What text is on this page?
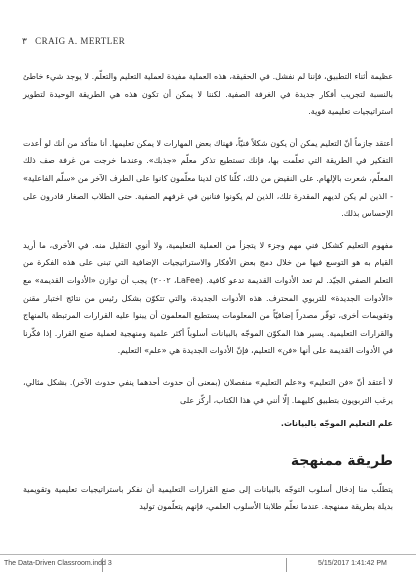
٣ CRAIG A. MERTLER

عظيمة أثناء التطبيق، فإننا لم نفشل. في الحقيقة، هذه العملية مفيدة لعملية التعليم والتعلّم. لا يوجد شيء خاطئ بالنسبة لتجريب أفكار جديدة في الغرفة الصفية. لكننا لا يمكن أن تكون هذه هي الطريقة الوحيدة لتطوير استراتيجيات تعليمية قوية.

أعتقد جازماً أنّ التعليم يمكن أن يكون شكلاً فنيّاً، فهناك بعض المهارات لا يمكن تعليمها. أنا متأكد من أنك لو أعدت التفكير في الطريقة التي تعلّمت بها، فإنك تستطيع تذكر معلّم «جذبك». وعندما خرجت من غرفة صف ذلك المعلّم، شعرت بالإلهام. على النقيض من ذلك، كلّنا كان لدينا معلّمون كانوا على الطرف الآخر من «سلّم الفاعلية» - الذين لم يكن لديهم المقدرة تلك، الذين لم يكونوا فنانين في غرفهم الصفية. حتى الطلاب الصغار قادرون على الإحساس بذلك.

مفهوم التعليم كشكل فني مهم وجزء لا يتجزأ من العملية التعليمية، ولا أنوي التقليل منه. في الأخرى، ما أريد القيام به هو التوسع فيها من خلال دمج بعض الأفكار والاستراتيجيات الإضافية التي تبنى على هذه الفكرة من التعلم الصفي الجيّد. لم تعد الأدوات القديمة تدعو كافية. (LaFee، ٢٠٠٢) يجب أن توازن «الأدوات القديمة» مع «الأدوات الجديدة» للتربوي المحترف. هذه الأدوات الجديدة، والتي تتكوّن بشكل رئيس من نتائج اختبار مقنن وتقويمات أخرى، توفّر مصدراً إضافيّاً من المعلومات يستطيع المعلمون أن يبنوا عليه القرارات المرتبطة بالمنهاج والقرارات التعليمية. يسير هذا المكوّن الموجّه بالبيانات أسلوباً أكثر علمية ومنهجية لعملية صنع القرار. إذا فكّرنا في الأدوات القديمة على أنها «فن» التعليم، فإنّ الأدوات الجديدة هي «علم» التعليم.

لا أعتقد أنّ «فن التعليم» و«علم التعليم» منفصلان (بمعنى أن حدوث أحدهما ينفي حدوث الآخر). بشكل مثالي، يرغب التربويون بتطبيق كليهما. إلّا أنني في هذا الكتاب، أركّز على

علم التعليم الموجّه بالبيانات.
طريقة ممنهجة

يتطلّب منا إدخال أسلوب التوجّه بالبيانات إلى صنع القرارات التعليمية أن نفكر باستراتيجيات تعليمية وتقويمية بديلة بطريقة ممنهجة. عندما نعلّم طلابنا الأسلوب العلمي، فإنهم يتعلّمون توليد

The Data-Driven Classroom.indd 3	5/15/2017 1:41:42 PM
